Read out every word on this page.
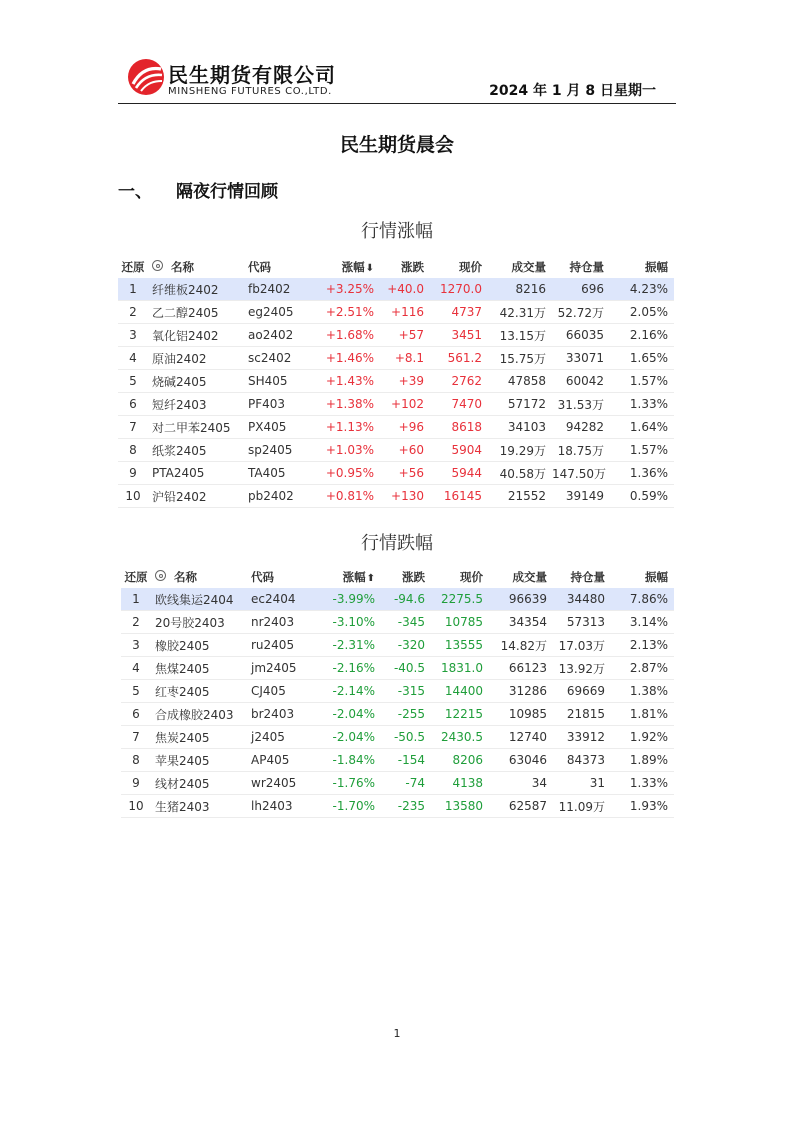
民生期货有限公司
MINSHENG FUTURES CO.,LTD.	2024 年 1 月 8 日星期一
民生期货晨会
一、 隔夜行情回顾
行情涨幅
还原	名称	代码	涨幅⬇	涨跌	现价	成交量	持仓量	振幅
1	纤维板2402	fb2402	+3.25%	+40.0	1270.0	8216	696	4.23%
2	乙二醇2405	eg2405	+2.51%	+116	4737	42.31万	52.72万	2.05%
3	氧化铝2402	ao2402	+1.68%	+57	3451	13.15万	66035	2.16%
4	原油2402	sc2402	+1.46%	+8.1	561.2	15.75万	33071	1.65%
5	烧碱2405	SH405	+1.43%	+39	2762	47858	60042	1.57%
6	短纤2403	PF403	+1.38%	+102	7470	57172	31.53万	1.33%
7	对二甲苯2405	PX405	+1.13%	+96	8618	34103	94282	1.64%
8	纸浆2405	sp2405	+1.03%	+60	5904	19.29万	18.75万	1.57%
9	PTA2405	TA405	+0.95%	+56	5944	40.58万	147.50万	1.36%
10	沪铅2402	pb2402	+0.81%	+130	16145	21552	39149	0.59%
行情跌幅
还原	名称	代码	涨幅⬆	涨跌	现价	成交量	持仓量	振幅
1	欧线集运2404	ec2404	-3.99%	-94.6	2275.5	96639	34480	7.86%
2	20号胶2403	nr2403	-3.10%	-345	10785	34354	57313	3.14%
3	橡胶2405	ru2405	-2.31%	-320	13555	14.82万	17.03万	2.13%
4	焦煤2405	jm2405	-2.16%	-40.5	1831.0	66123	13.92万	2.87%
5	红枣2405	CJ405	-2.14%	-315	14400	31286	69669	1.38%
6	合成橡胶2403	br2403	-2.04%	-255	12215	10985	21815	1.81%
7	焦炭2405	j2405	-2.04%	-50.5	2430.5	12740	33912	1.92%
8	苹果2405	AP405	-1.84%	-154	8206	63046	84373	1.89%
9	线材2405	wr2405	-1.76%	-74	4138	34	31	1.33%
10	生猪2403	lh2403	-1.70%	-235	13580	62587	11.09万	1.93%
1
